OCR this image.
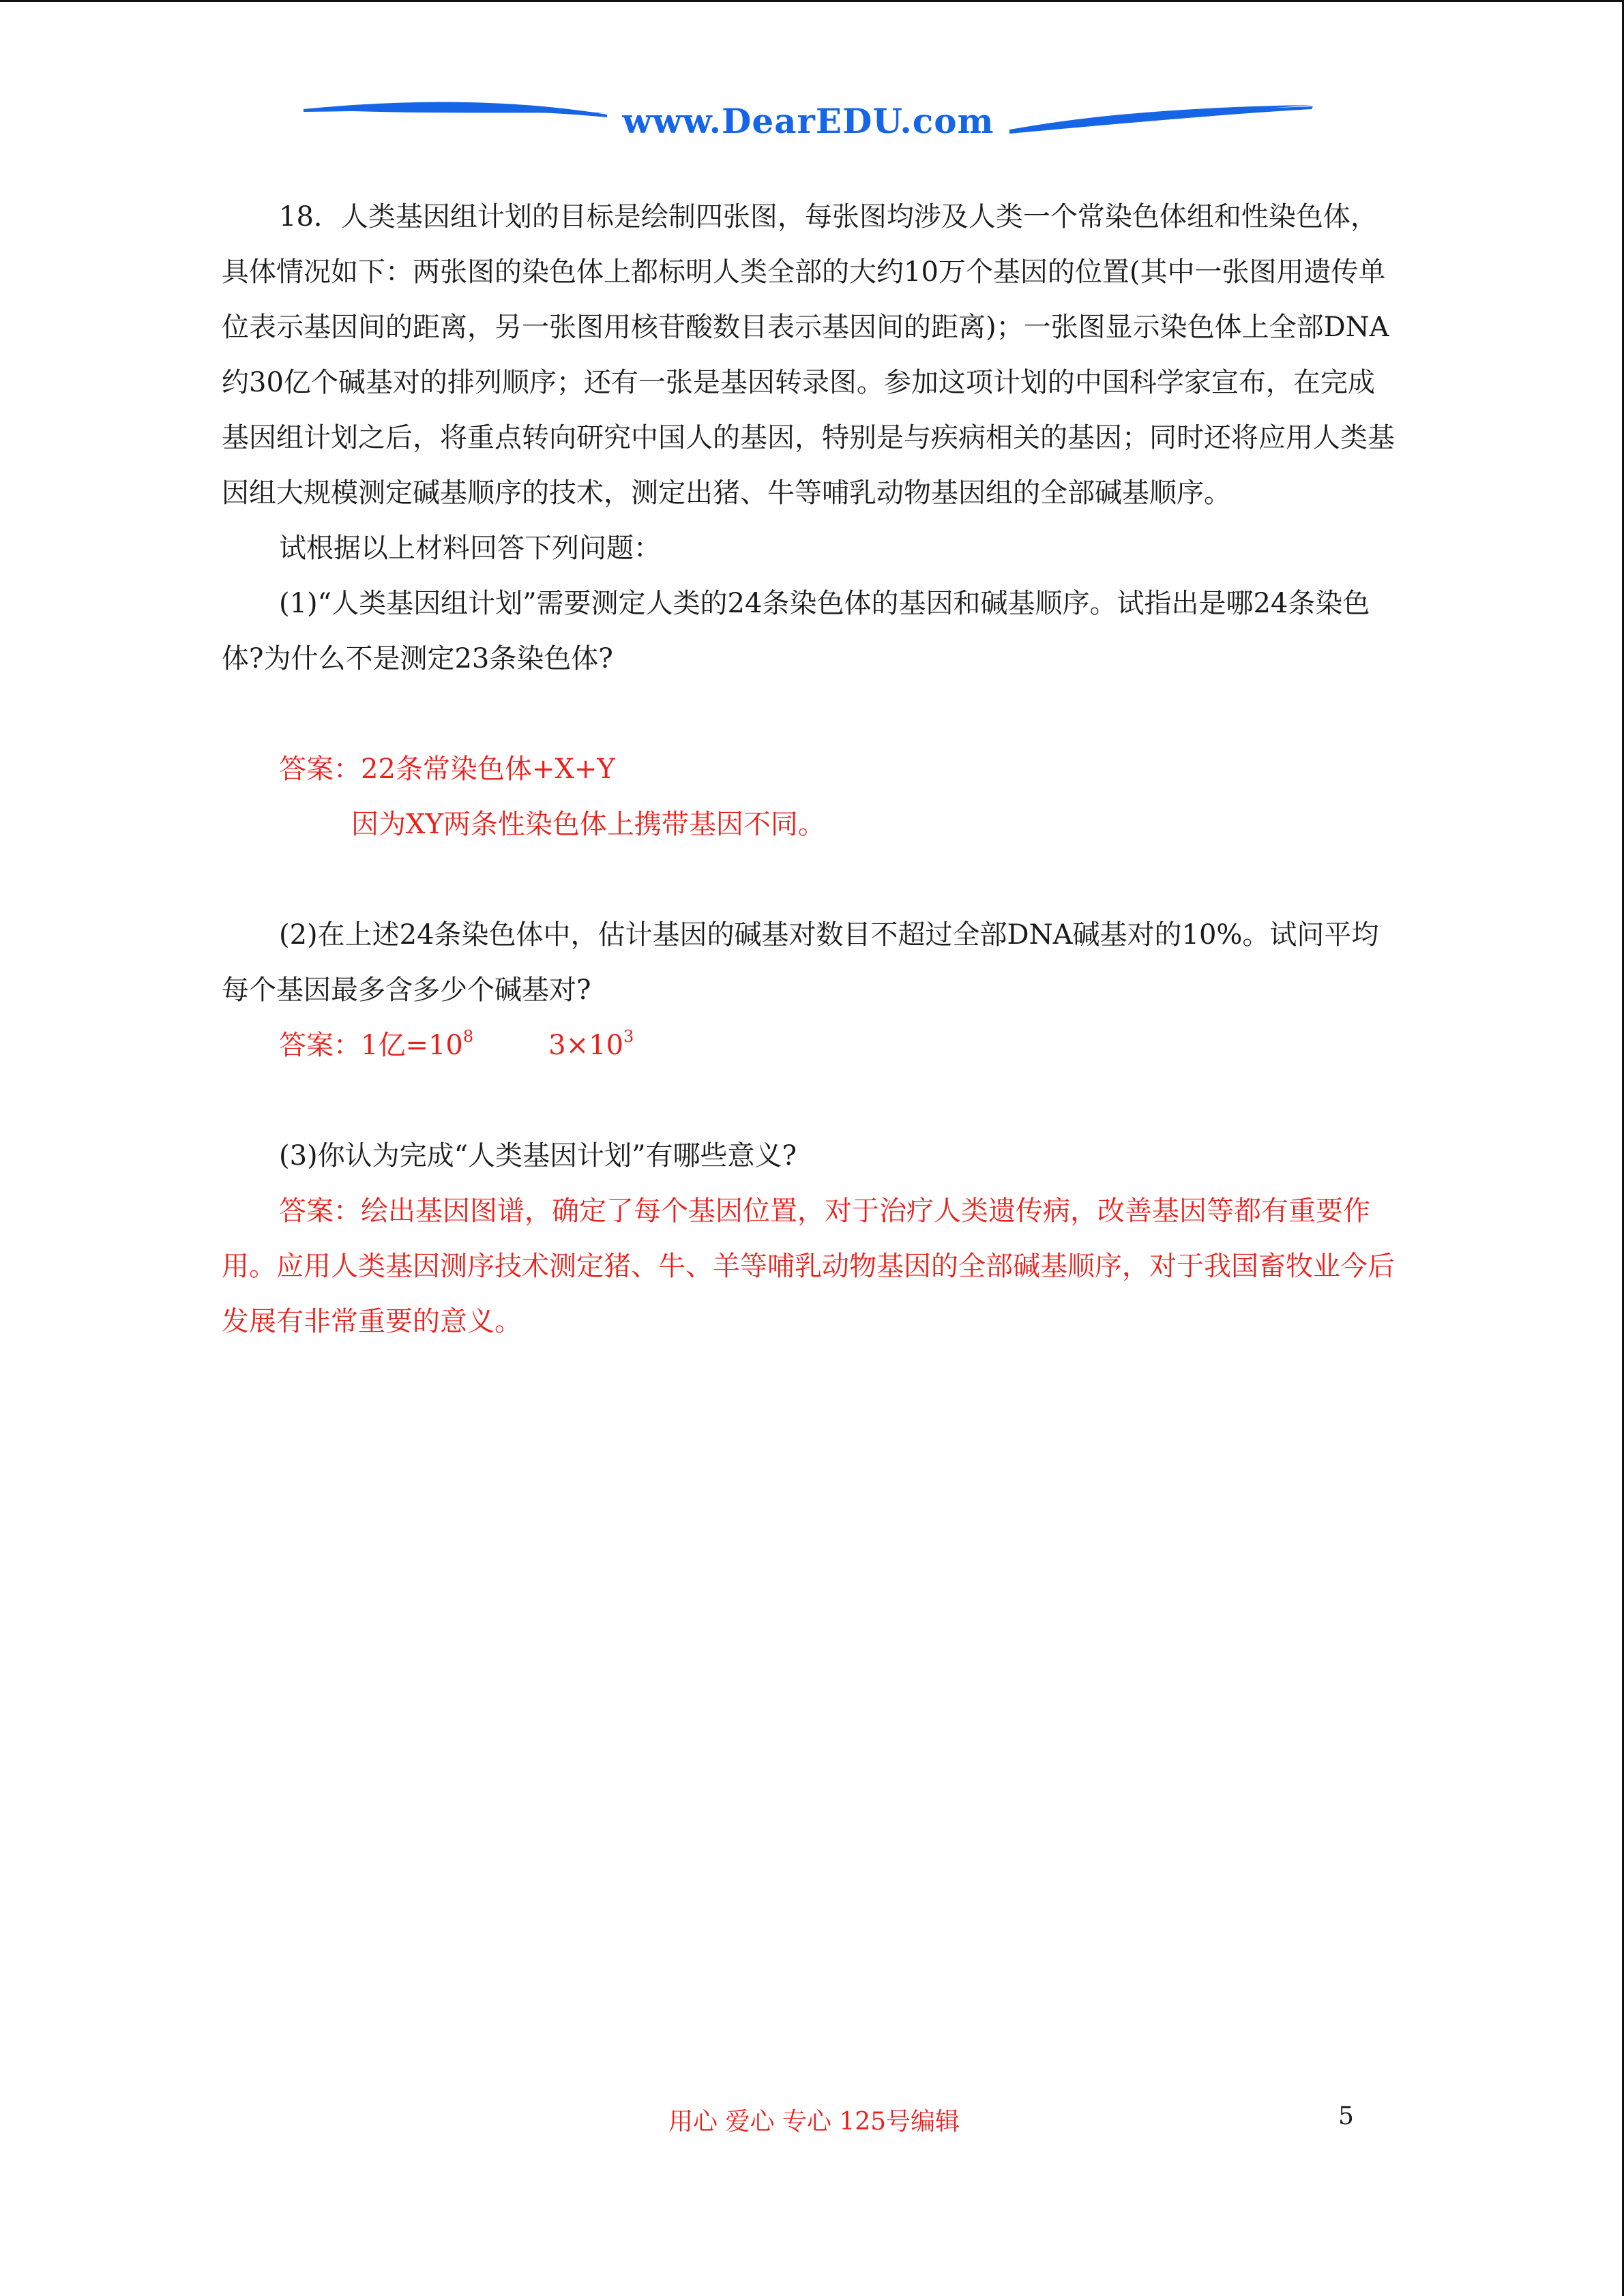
www.DearEDU.com

18．人类基因组计划的目标是绘制四张图，每张图均涉及人类一个常染色体组和性染色体，具体情况如下：两张图的染色体上都标明人类全部的大约10万个基因的位置(其中一张图用遗传单位表示基因间的距离，另一张图用核苷酸数目表示基因间的距离)；一张图显示染色体上全部DNA约30亿个碱基对的排列顺序；还有一张是基因转录图。参加这项计划的中国科学家宣布，在完成基因组计划之后，将重点转向研究中国人的基因，特别是与疾病相关的基因；同时还将应用人类基因组大规模测定碱基顺序的技术，测定出猪、牛等哺乳动物基因组的全部碱基顺序。

试根据以上材料回答下列问题：

(1)“人类基因组计划”需要测定人类的24条染色体的基因和碱基顺序。试指出是哪24条染色体?为什么不是测定23条染色体?

答案：22条常染色体+X+Y

因为XY两条性染色体上携带基因不同。

(2)在上述24条染色体中，估计基因的碱基对数目不超过全部DNA碱基对的10%。试问平均每个基因最多含多少个碱基对?

答案：1亿$=10^8$	$3\times 10^3$

(3)你认为完成“人类基因计划”有哪些意义?

答案：绘出基因图谱，确定了每个基因位置，对于治疗人类遗传病，改善基因等都有重要作用。应用人类基因测序技术测定猪、牛、羊等哺乳动物基因的全部碱基顺序，对于我国畜牧业今后发展有非常重要的意义。

用心 爱心 专心 125号编辑	5
